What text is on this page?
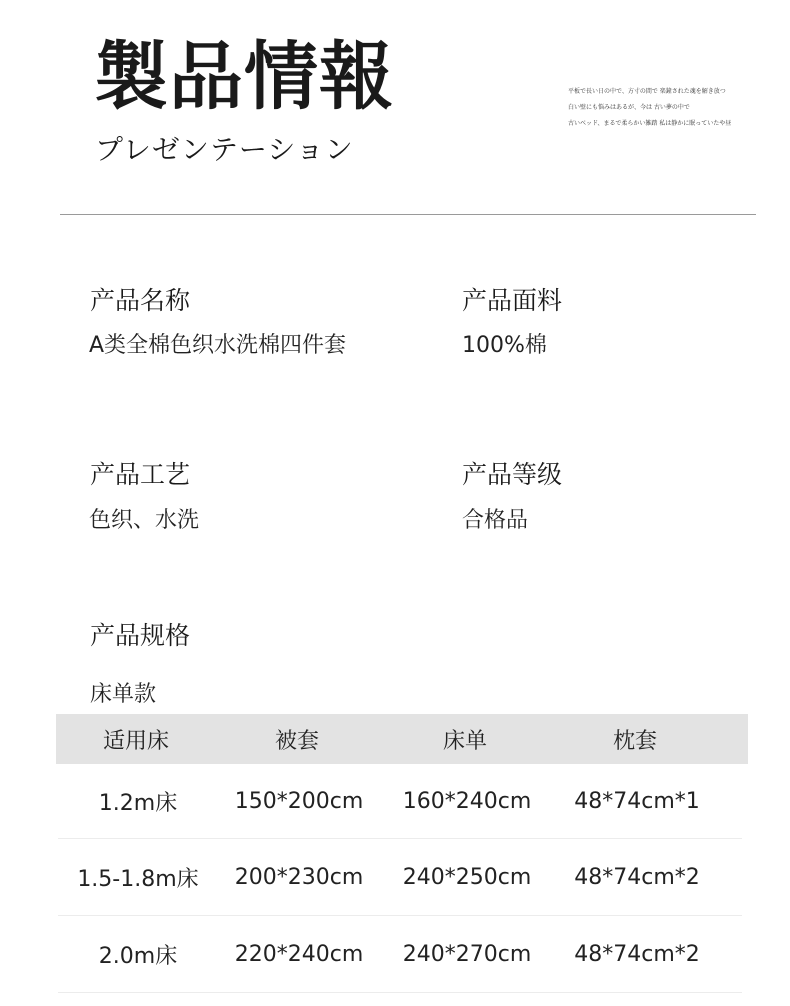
製品情報
プレゼンテーション
平板で長い日の中で、方寸の間で 楽鐘された魂を解き放つ
白い壁にも悩みはあるが、今は 古い夢の中で
古いベッド、まるで柔らかい雑踏 私は静かに眠っていたや昼
产品名称
A类全棉色织水洗棉四件套
产品面料
100%棉
产品工艺
色织、水洗
产品等级
合格品
产品规格
床单款
适用床	被套	床单	枕套
1.2m床	150*200cm	160*240cm	48*74cm*1
1.5-1.8m床	200*230cm	240*250cm	48*74cm*2
2.0m床	220*240cm	240*270cm	48*74cm*2
